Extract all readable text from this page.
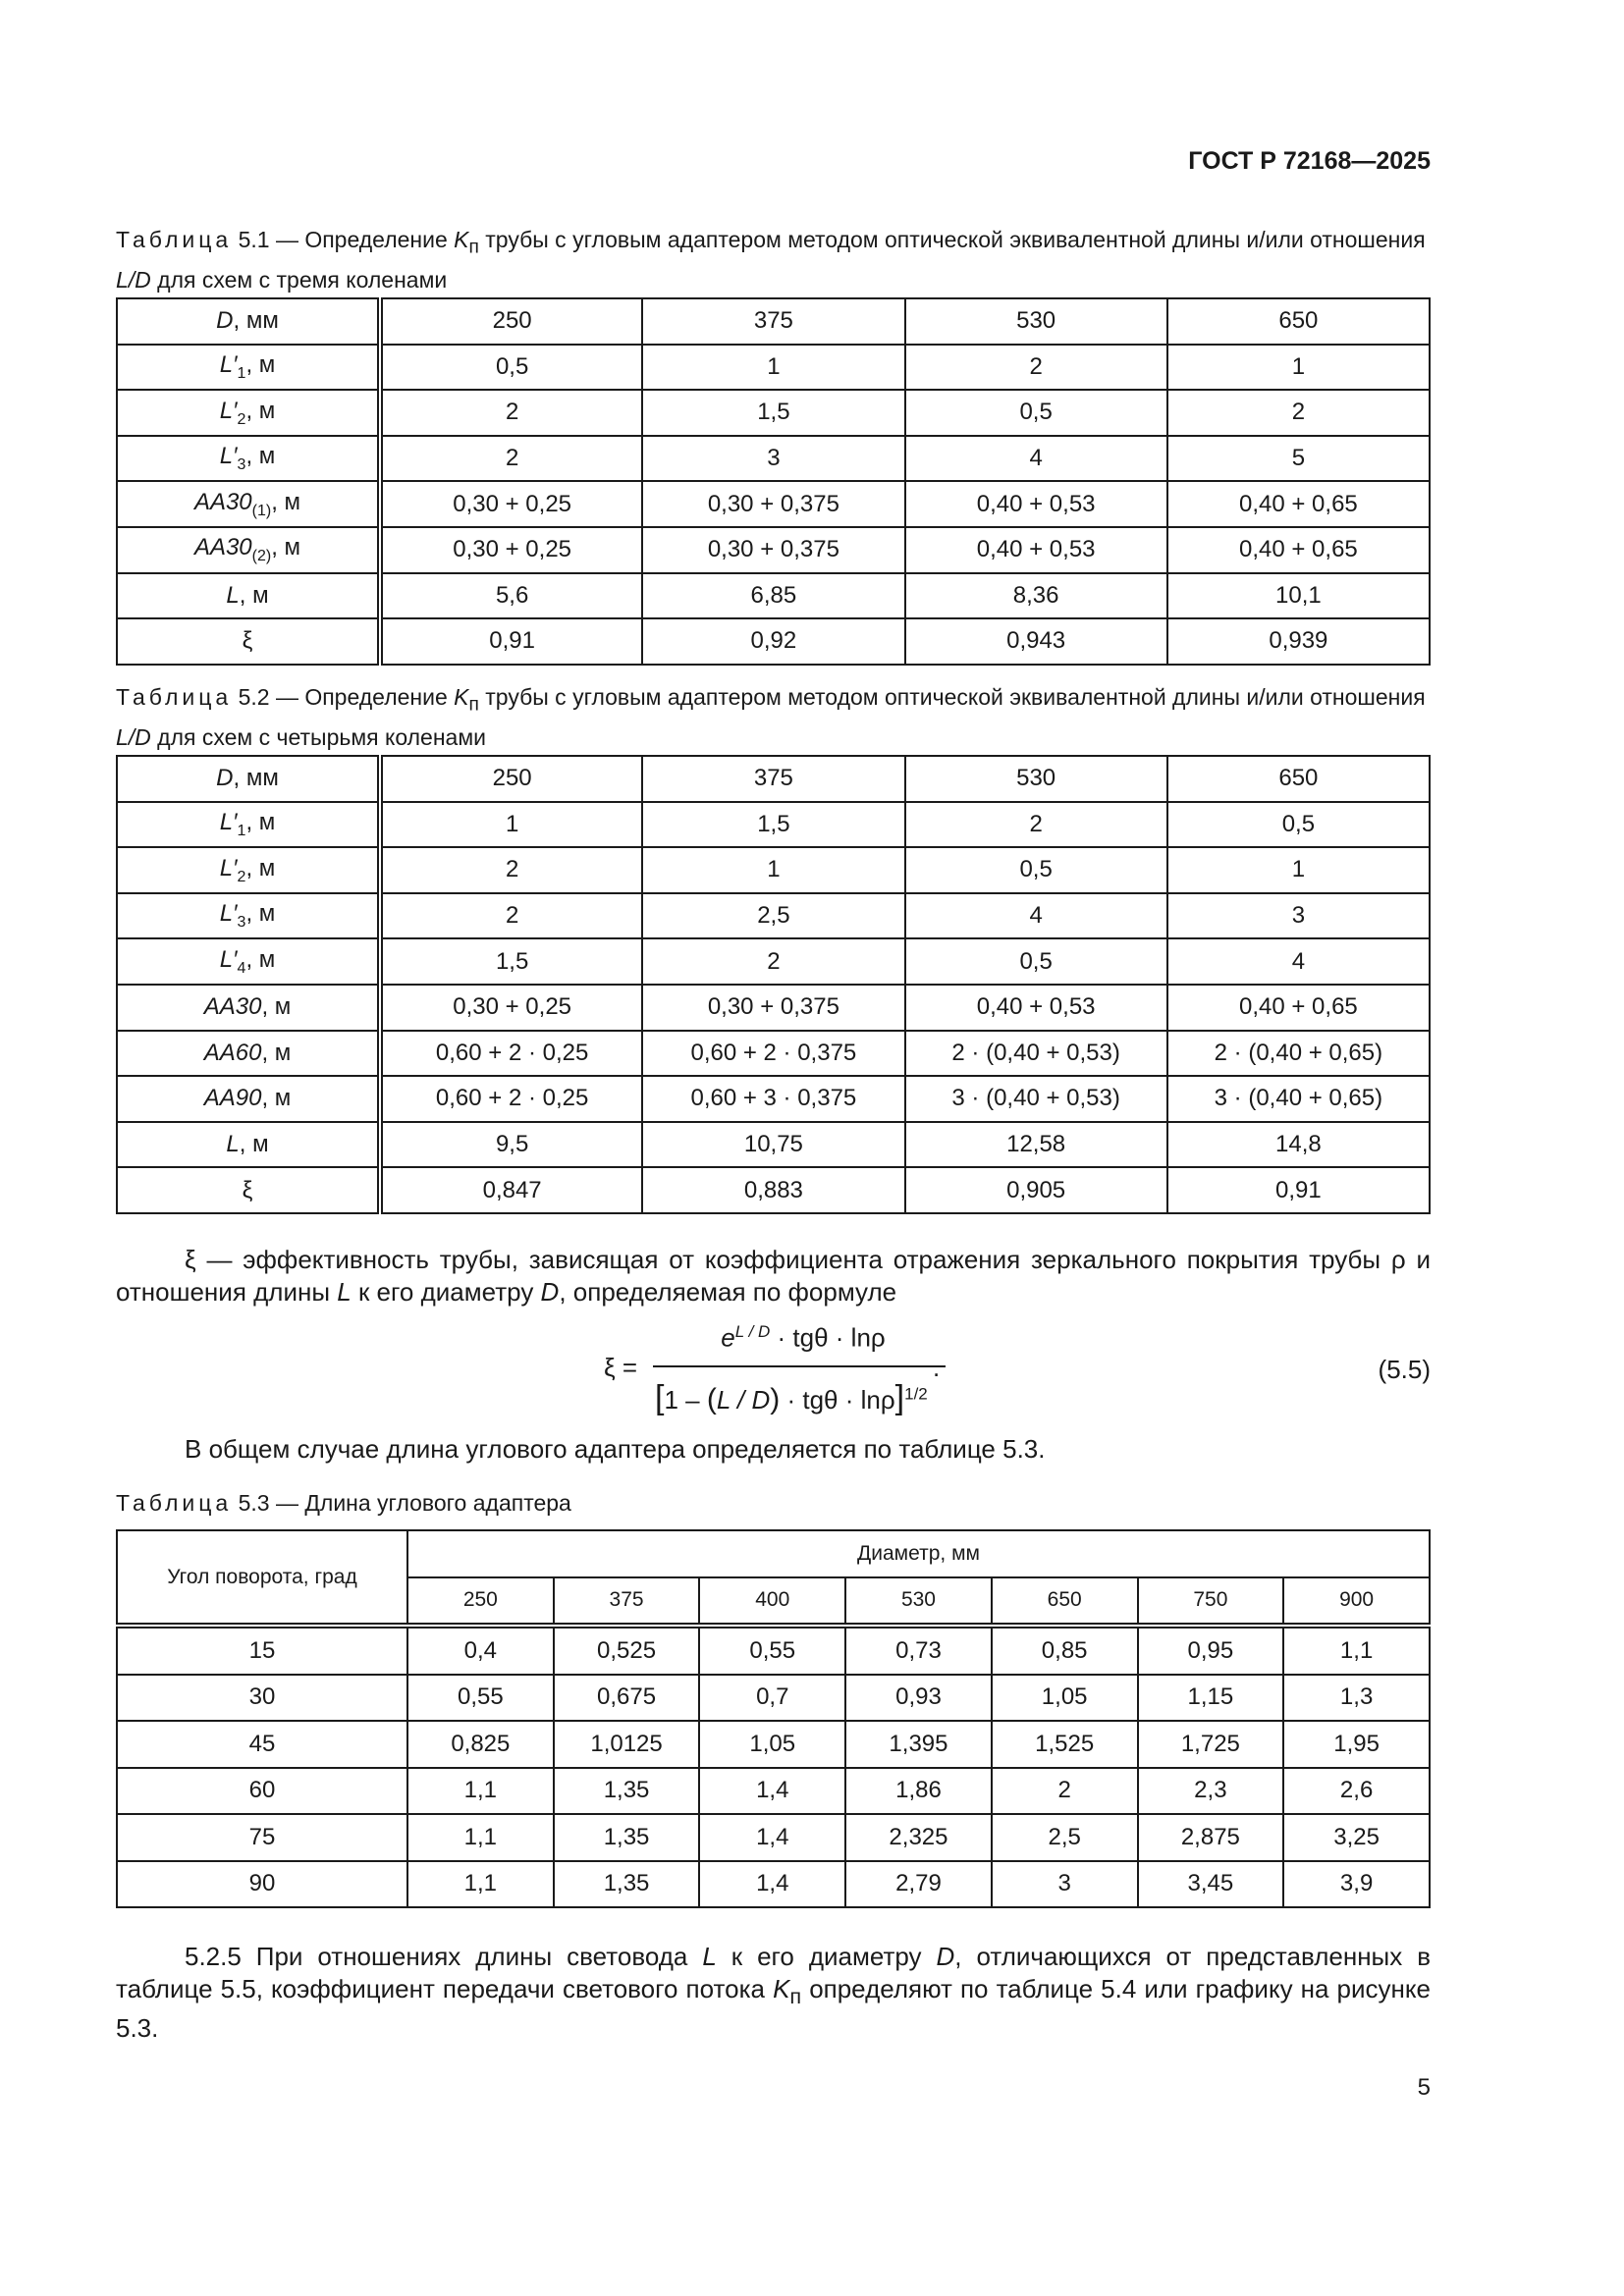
ГОСТ Р 72168—2025
Таблица 5.1 — Определение $K_п$ трубы с угловым адаптером методом оптической эквивалентной длины и/или отношения L/D для схем с тремя коленами
D, мм	250	375	530	650
$L'_1$, м	0,5	1	2	1
$L'_2$, м	2	1,5	0,5	2
$L'_3$, м	2	3	4	5
$AA30_{(1)}$, м	0,30 + 0,25	0,30 + 0,375	0,40 + 0,53	0,40 + 0,65
$AA30_{(2)}$, м	0,30 + 0,25	0,30 + 0,375	0,40 + 0,53	0,40 + 0,65
L, м	5,6	6,85	8,36	10,1
ξ	0,91	0,92	0,943	0,939
Таблица 5.2 — Определение $K_п$ трубы с угловым адаптером методом оптической эквивалентной длины и/или отношения L/D для схем с четырьмя коленами
D, мм	250	375	530	650
$L'_1$, м	1	1,5	2	0,5
$L'_2$, м	2	1	0,5	1
$L'_3$, м	2	2,5	4	3
$L'_4$, м	1,5	2	0,5	4
AA30, м	0,30 + 0,25	0,30 + 0,375	0,40 + 0,53	0,40 + 0,65
AA60, м	0,60 + 2 · 0,25	0,60 + 2 · 0,375	2 · (0,40 + 0,53)	2 · (0,40 + 0,65)
AA90, м	0,60 + 2 · 0,25	0,60 + 3 · 0,375	3 · (0,40 + 0,53)	3 · (0,40 + 0,65)
L, м	9,5	10,75	12,58	14,8
ξ	0,847	0,883	0,905	0,91
ξ — эффективность трубы, зависящая от коэффициента отражения зеркального покрытия трубы ρ и отношения длины L к его диаметру D, определяемая по формуле
ξ =
$e^{L / D} \cdot tg\theta \cdot \ln\rho$
$[1 - (L / D) \cdot tg\theta \cdot \ln\rho]^{1/2}$
.	(5.5)
В общем случае длина углового адаптера определяется по таблице 5.3.
Таблица 5.3 — Длина углового адаптера
Угол поворота, град	Диаметр, мм						
	250	375	400	530	650	750	900
15	0,4	0,525	0,55	0,73	0,85	0,95	1,1
30	0,55	0,675	0,7	0,93	1,05	1,15	1,3
45	0,825	1,0125	1,05	1,395	1,525	1,725	1,95
60	1,1	1,35	1,4	1,86	2	2,3	2,6
75	1,1	1,35	1,4	2,325	2,5	2,875	3,25
90	1,1	1,35	1,4	2,79	3	3,45	3,9
5.2.5 При отношениях длины световода L к его диаметру D, отличающихся от представленных в таблице 5.5, коэффициент передачи светового потока $K_п$ определяют по таблице 5.4 или графику на рисунке 5.3.
5
